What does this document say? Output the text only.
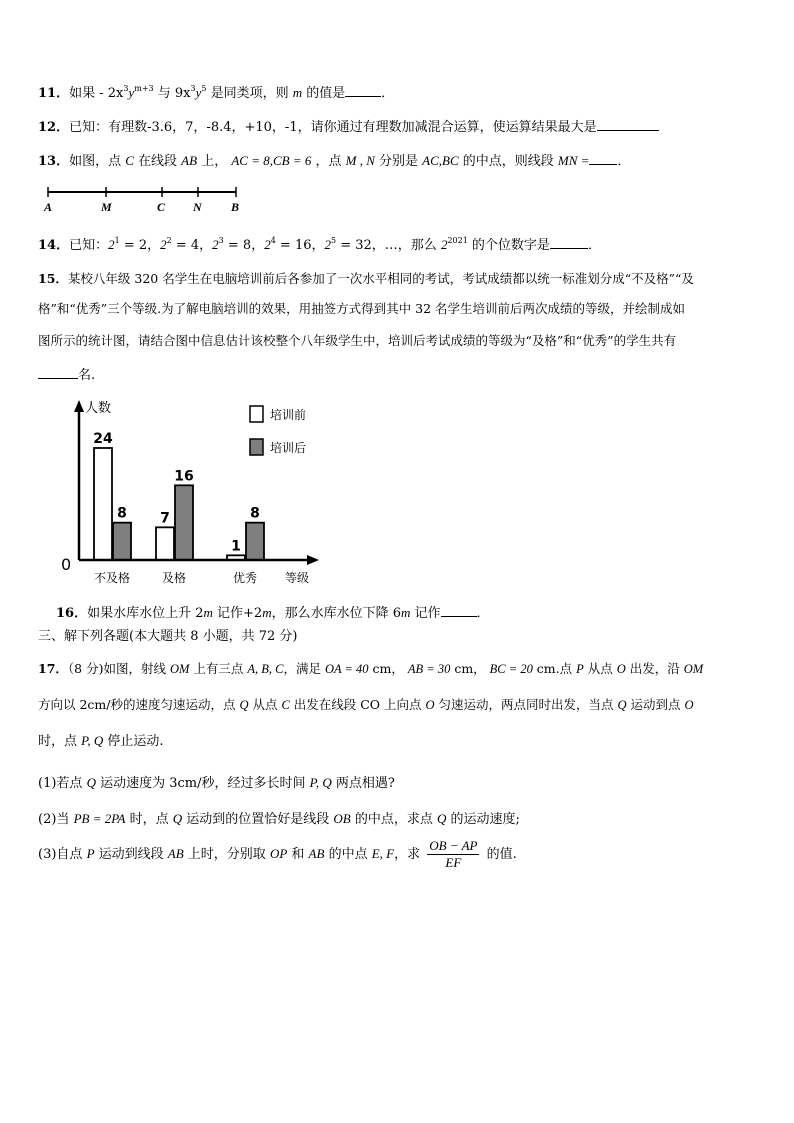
11．如果 - $2x^3y^{m+3}$ 与 $9x^3y^5$ 是同类项，则 m 的值是	．
12．已知：有理数-3.6，7，-8.4，+10，-1，请你通过有理数加减混合运算，使运算结果最大是
13．如图，点 C 在线段 AB 上， AC = 8,CB = 6 ，点 M , N 分别是 AC,BC 的中点，则线段 MN = ．
A	M	C N B
14．已知：$2^1 = 2$，$2^2 = 4$，$2^3 = 8$，$2^4 = 16$，$2^5 = 32$，…，那么 $2^{2021}$ 的个位数字是	．
15．某校八年级 320 名学生在电脑培训前后各参加了一次水平相同的考试，考试成绩都以统一标准划分成“不及格”“及
格”和“优秀”三个等级.为了解电脑培训的效果，用抽签方式得到其中 32 名学生培训前后两次成绩的等级，并绘制成如
图所示的统计图，请结合图中信息估计该校整个八年级学生中，培训后考试成绩的等级为“及格”和“优秀”的学生共有
名.
24
8
不及格
7
16
及格
1
8
优秀
人数
0
等级
培训前
培训后
16．如果水库水位上升 2m 记作+2m，那么水库水位下降 6m 记作	．
三、解下列各题(本大题共 8 小题，共 72 分)
17．（8 分)如图，射线 OM 上有三点 A, B, C，满足 OA = 40 cm， AB = 30 cm， BC = 20 cm.点 P 从点 O 出发，沿 OM
方向以 2cm/秒的速度匀速运动，点 Q 从点 C 出发在线段 CO 上向点 O 匀速运动，两点同时出发，当点 Q 运动到点 O
时，点 P, Q 停止运动.
(1)若点 Q 运动速度为 3cm/秒，经过多长时间 P, Q 两点相遇?
(2)当 PB = 2PA 时，点 Q 运动到的位置恰好是线段 OB 的中点，求点 Q 的运动速度;
(3)自点 P 运动到线段 AB 上时，分别取 OP 和 AB 的中点 E, F，求 $\frac{OB - AP}{EF}$ 的值.
